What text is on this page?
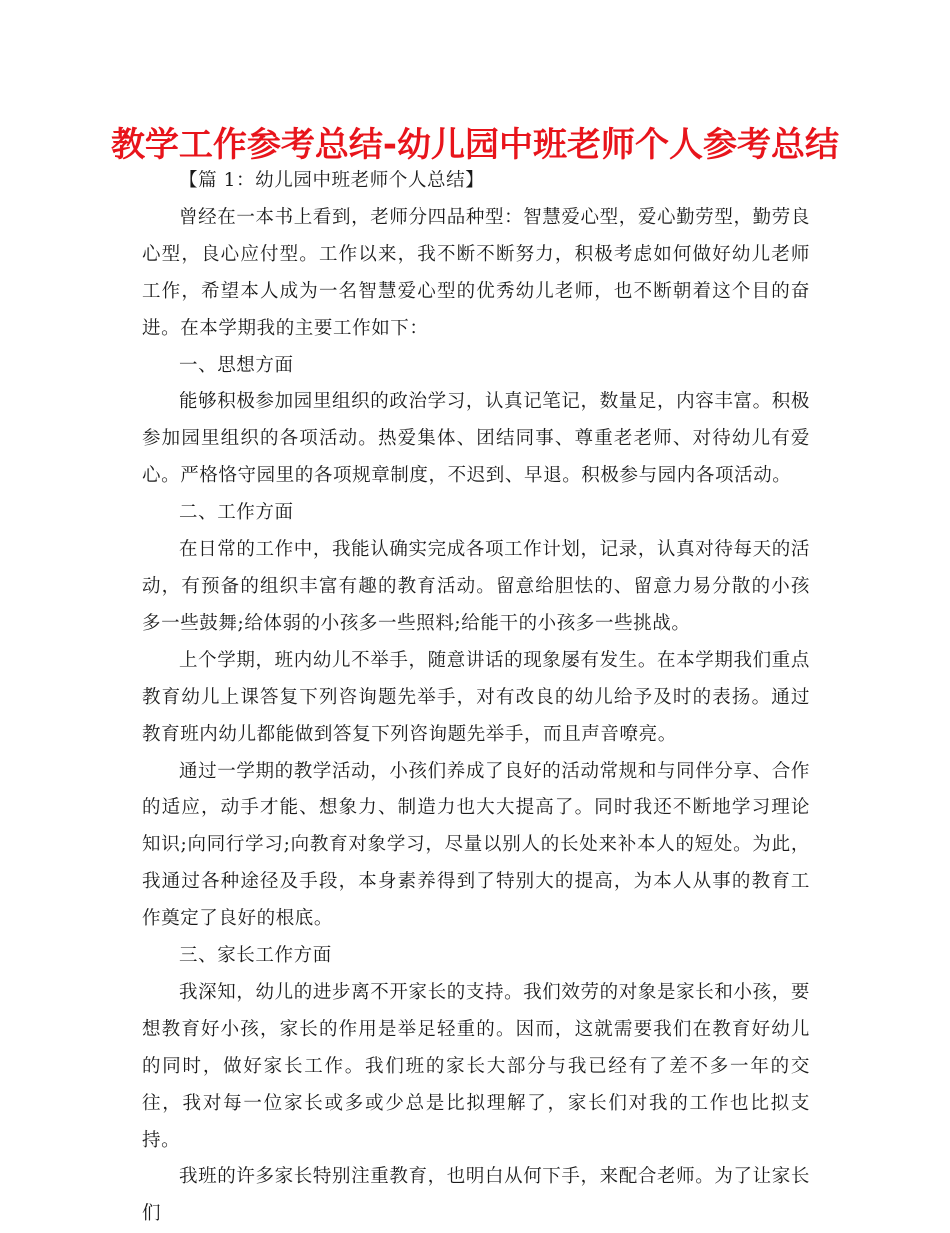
教学工作参考总结-幼儿园中班老师个人参考总结

【篇 1：幼儿园中班老师个人总结】

曾经在一本书上看到，老师分四品种型：智慧爱心型，爱心勤劳型，勤劳良心型，良心应付型。工作以来，我不断不断努力，积极考虑如何做好幼儿老师工作，希望本人成为一名智慧爱心型的优秀幼儿老师，也不断朝着这个目的奋进。在本学期我的主要工作如下：

一、思想方面

能够积极参加园里组织的政治学习，认真记笔记，数量足，内容丰富。积极参加园里组织的各项活动。热爱集体、团结同事、尊重老老师、对待幼儿有爱心。严格恪守园里的各项规章制度，不迟到、早退。积极参与园内各项活动。

二、工作方面

在日常的工作中，我能认确实完成各项工作计划，记录，认真对待每天的活动，有预备的组织丰富有趣的教育活动。留意给胆怯的、留意力易分散的小孩多一些鼓舞;给体弱的小孩多一些照料;给能干的小孩多一些挑战。

上个学期，班内幼儿不举手，随意讲话的现象屡有发生。在本学期我们重点教育幼儿上课答复下列咨询题先举手，对有改良的幼儿给予及时的表扬。通过教育班内幼儿都能做到答复下列咨询题先举手，而且声音嘹亮。

通过一学期的教学活动，小孩们养成了良好的活动常规和与同伴分享、合作的适应，动手才能、想象力、制造力也大大提高了。同时我还不断地学习理论知识;向同行学习;向教育对象学习，尽量以别人的长处来补本人的短处。为此，我通过各种途径及手段，本身素养得到了特别大的提高，为本人从事的教育工作奠定了良好的根底。

三、家长工作方面

我深知，幼儿的进步离不开家长的支持。我们效劳的对象是家长和小孩，要想教育好小孩，家长的作用是举足轻重的。因而，这就需要我们在教育好幼儿的同时，做好家长工作。我们班的家长大部分与我已经有了差不多一年的交往，我对每一位家长或多或少总是比拟理解了，家长们对我的工作也比拟支持。

我班的许多家长特别注重教育，也明白从何下手，来配合老师。为了让家长们
